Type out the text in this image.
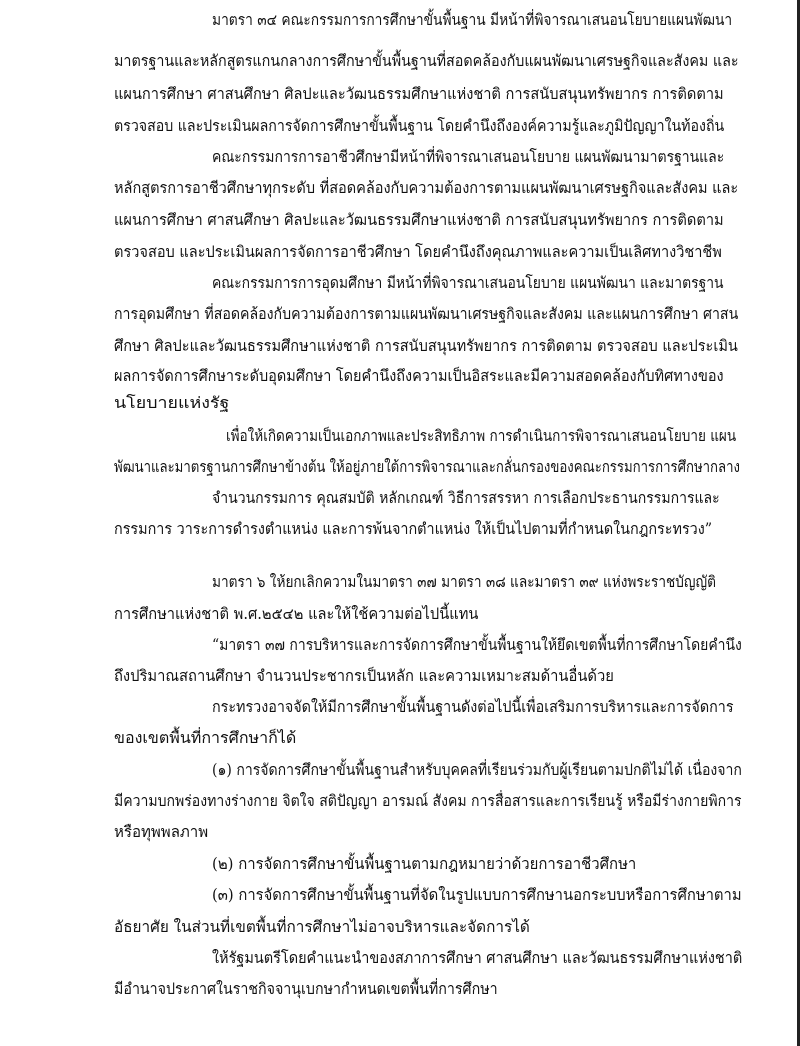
มาตรา ๓๔ คณะกรรมการการศึกษาขั้นพื้นฐาน มีหน้าที่พิจารณาเสนอนโยบายแผนพัฒนา
มาตรฐานและหลักสูตรแกนกลางการศึกษาขั้นพื้นฐานที่สอดคล้องกับแผนพัฒนาเศรษฐกิจและสังคม และ
แผนการศึกษา ศาสนศึกษา ศิลปะและวัฒนธรรมศึกษาแห่งชาติ การสนับสนุนทรัพยากร การติดตาม
ตรวจสอบ และประเมินผลการจัดการศึกษาขั้นพื้นฐาน โดยคำนึงถึงองค์ความรู้และภูมิปัญญาในท้องถิ่น
คณะกรรมการการอาชีวศึกษามีหน้าที่พิจารณาเสนอนโยบาย แผนพัฒนามาตรฐานและ
หลักสูตรการอาชีวศึกษาทุกระดับ ที่สอดคล้องกับความต้องการตามแผนพัฒนาเศรษฐกิจและสังคม และ
แผนการศึกษา ศาสนศึกษา ศิลปะและวัฒนธรรมศึกษาแห่งชาติ การสนับสนุนทรัพยากร การติดตาม
ตรวจสอบ และประเมินผลการจัดการอาชีวศึกษา โดยคำนึงถึงคุณภาพและความเป็นเลิศทางวิชาชีพ
คณะกรรมการการอุดมศึกษา มีหน้าที่พิจารณาเสนอนโยบาย แผนพัฒนา และมาตรฐาน
การอุดมศึกษา ที่สอดคล้องกับความต้องการตามแผนพัฒนาเศรษฐกิจและสังคม และแผนการศึกษา ศาสน
ศึกษา ศิลปะและวัฒนธรรมศึกษาแห่งชาติ การสนับสนุนทรัพยากร การติดตาม ตรวจสอบ และประเมิน
ผลการจัดการศึกษาระดับอุดมศึกษา โดยคำนึงถึงความเป็นอิสระและมีความสอดคล้องกับทิศทางของ
นโยบายแห่งรัฐ
เพื่อให้เกิดความเป็นเอกภาพและประสิทธิภาพ การดำเนินการพิจารณาเสนอนโยบาย แผน
พัฒนาและมาตรฐานการศึกษาข้างต้น ให้อยู่ภายใต้การพิจารณาและกลั่นกรองของคณะกรรมการการศึกษากลาง
จำนวนกรรมการ คุณสมบัติ หลักเกณฑ์ วิธีการสรรหา การเลือกประธานกรรมการและ
กรรมการ วาระการดำรงตำแหน่ง และการพ้นจากตำแหน่ง ให้เป็นไปตามที่กำหนดในกฎกระทรวง”
มาตรา ๖ ให้ยกเลิกความในมาตรา ๓๗ มาตรา ๓๘ และมาตรา ๓๙ แห่งพระราชบัญญัติ
การศึกษาแห่งชาติ พ.ศ.๒๕๔๒ และให้ใช้ความต่อไปนี้แทน
“มาตรา ๓๗ การบริหารและการจัดการศึกษาขั้นพื้นฐานให้ยึดเขตพื้นที่การศึกษาโดยคำนึง
ถึงปริมาณสถานศึกษา จำนวนประชากรเป็นหลัก และความเหมาะสมด้านอื่นด้วย
กระทรวงอาจจัดให้มีการศึกษาขั้นพื้นฐานดังต่อไปนี้เพื่อเสริมการบริหารและการจัดการ
ของเขตพื้นที่การศึกษาก็ได้
(๑) การจัดการศึกษาขั้นพื้นฐานสำหรับบุคคลที่เรียนร่วมกับผู้เรียนตามปกติไม่ได้ เนื่องจาก
มีความบกพร่องทางร่างกาย จิตใจ สติปัญญา อารมณ์ สังคม การสื่อสารและการเรียนรู้ หรือมีร่างกายพิการ
หรือทุพพลภาพ
(๒) การจัดการศึกษาขั้นพื้นฐานตามกฎหมายว่าด้วยการอาชีวศึกษา
(๓) การจัดการศึกษาขั้นพื้นฐานที่จัดในรูปแบบการศึกษานอกระบบหรือการศึกษาตาม
อัธยาศัย ในส่วนที่เขตพื้นที่การศึกษาไม่อาจบริหารและจัดการได้
ให้รัฐมนตรีโดยคำแนะนำของสภาการศึกษา ศาสนศึกษา และวัฒนธรรมศึกษาแห่งชาติ
มีอำนาจประกาศในราชกิจจานุเบกษากำหนดเขตพื้นที่การศึกษา
